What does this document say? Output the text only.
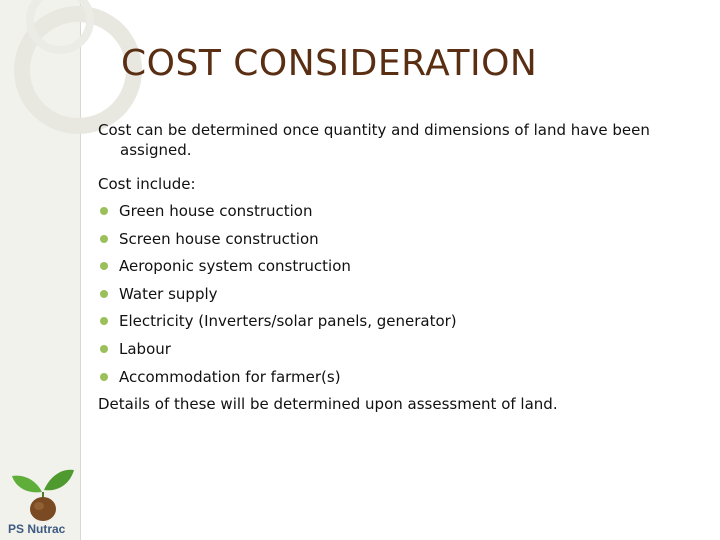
COST CONSIDERATION

Cost can be determined once quantity and dimensions of land have been assigned.

Cost include:

Green house construction
Screen house construction
Aeroponic system construction
Water supply
Electricity (Inverters/solar panels, generator)
Labour
Accommodation for farmer(s)

Details of these will be determined upon assessment of land.

PS Nutrac
